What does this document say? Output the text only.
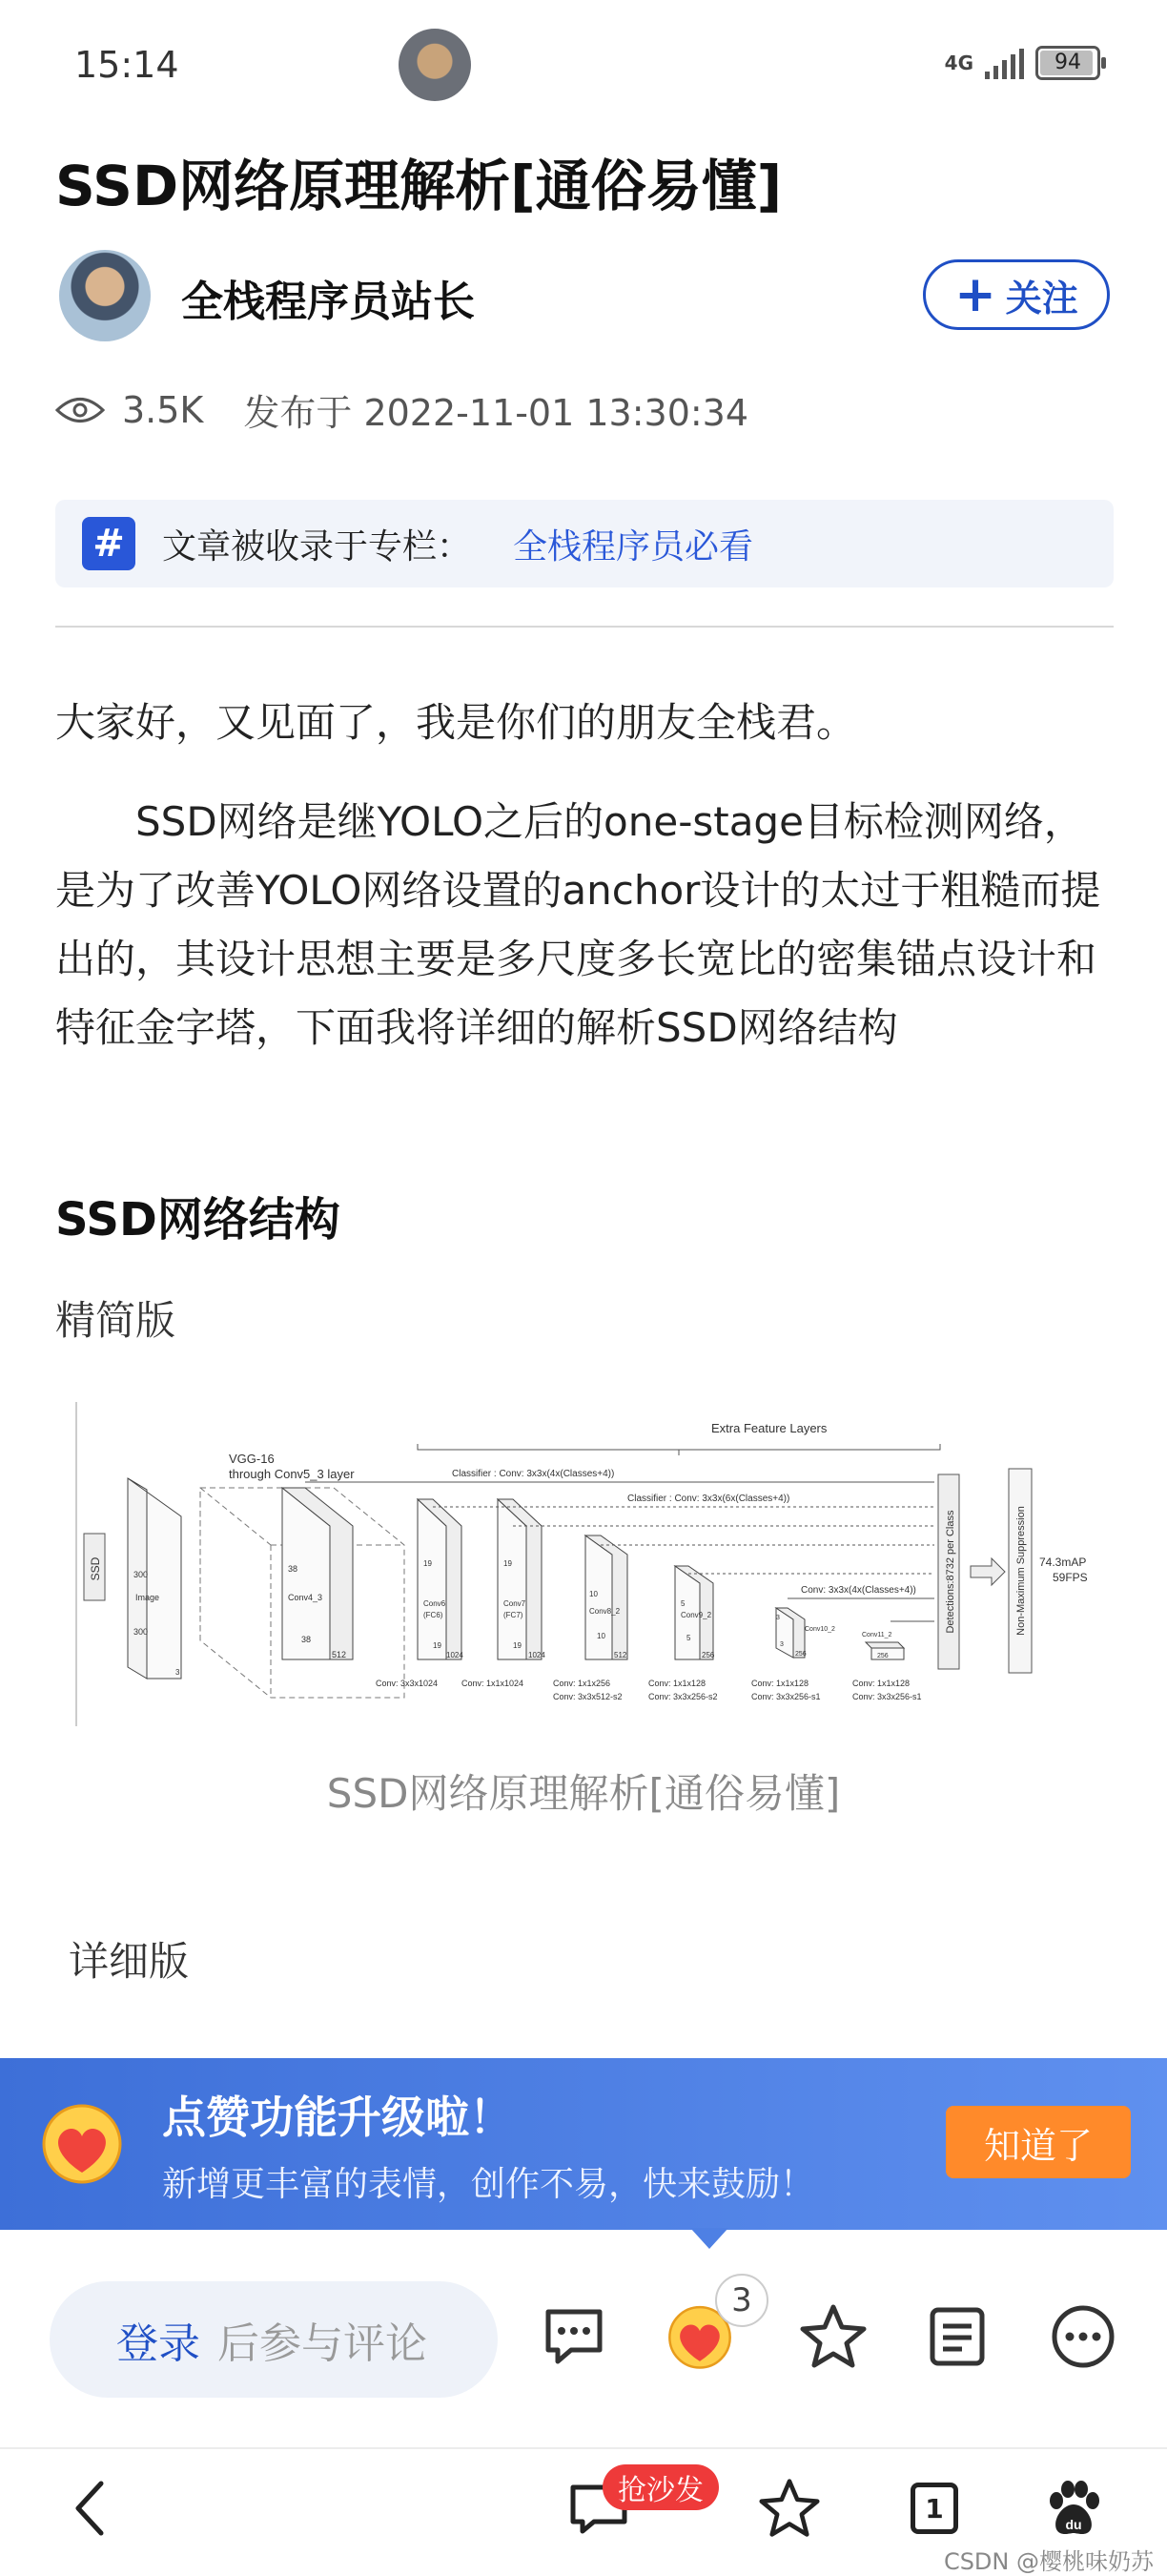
15:14	4G	94
SSD网络原理解析[通俗易懂]
全栈程序员站长	+ 关注
3.5K 发布于 2022-11-01 13:30:34
#	文章被收录于专栏： 全栈程序员必看
大家好，又见面了，我是你们的朋友全栈君。
SSD网络是继YOLO之后的one-stage目标检测网络，是为了改善YOLO网络设置的anchor设计的太过于粗糙而提出的，其设计思想主要是多尺度多长宽比的密集锚点设计和特征金字塔，下面我将详细的解析SSD网络结构
SSD网络结构
精简版
SSD	300
Image
300
3
VGG-16
through Conv5_3 layer
38
Conv4_3
38
512
19
Conv6
(FC6)
19
1024
19
Conv7
(FC7)
19
1024
10
Conv8_2
10
512
5
Conv9_2
5
256
3
3
Conv10_2
256
Conv11_2
256
Extra Feature Layers
Classifier : Conv: 3x3x(4x(Classes+4))
Classifier : Conv: 3x3x(6x(Classes+4))
Conv: 3x3x(4x(Classes+4))	Detections:8732 per Class	Non-Maximum Suppression 74.3mAP
59FPS
Conv: 3x3x1024	Conv: 1x1x1024	Conv: 1x1x256
Conv: 3x3x512-s2
Conv: 1x1x128
Conv: 3x3x256-s2
Conv: 1x1x128
Conv: 3x3x256-s1
Conv: 1x1x128
Conv: 3x3x256-s1
SSD网络原理解析[通俗易懂]
详细版
点赞功能升级啦！
新增更丰富的表情，创作不易，快来鼓励！
知道了
登录 后参与评论
3
抢沙发
1
du
CSDN @樱桃味奶苏
